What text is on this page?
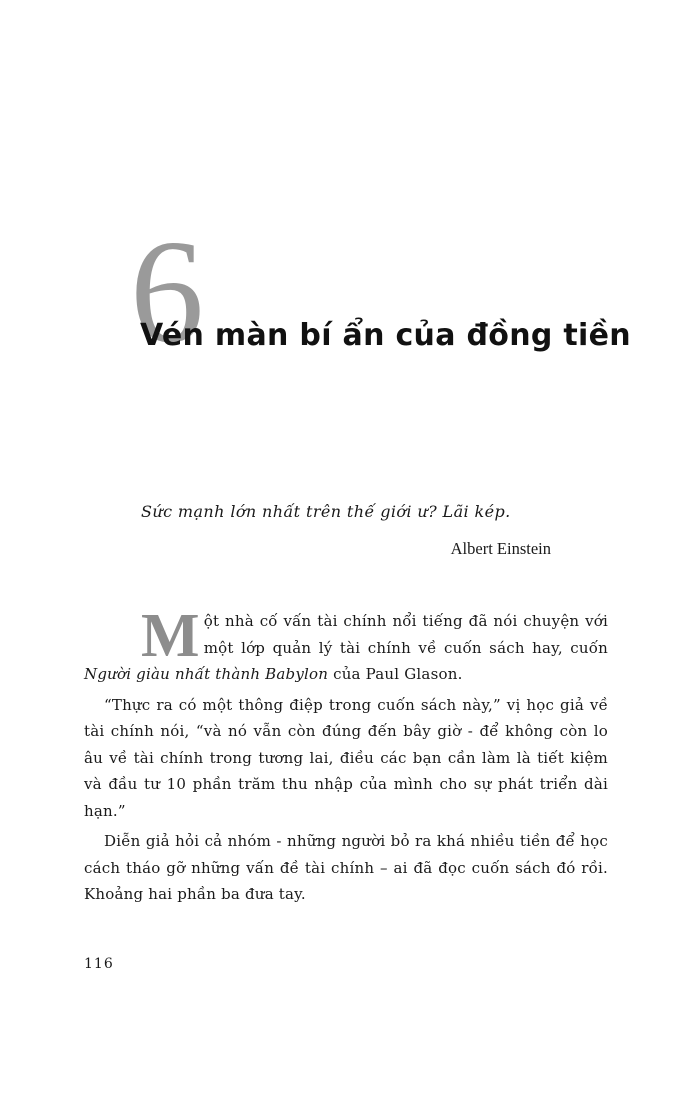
6
Vén màn bí ẩn của đồng tiền
Sức mạnh lớn nhất trên thế giới ư? Lãi kép.
Albert Einstein

Một nhà cố vấn tài chính nổi tiếng đã nói chuyện với một lớp quản lý tài chính về cuốn sách hay, cuốn Người giàu nhất thành Babylon của Paul Glason.

“Thực ra có một thông điệp trong cuốn sách này,” vị học giả về tài chính nói, “và nó vẫn còn đúng đến bây giờ - để không còn lo âu về tài chính trong tương lai, điều các bạn cần làm là tiết kiệm và đầu tư 10 phần trăm thu nhập của mình cho sự phát triển dài hạn.”

Diễn giả hỏi cả nhóm - những người bỏ ra khá nhiều tiền để học cách tháo gỡ những vấn đề tài chính – ai đã đọc cuốn sách đó rồi. Khoảng hai phần ba đưa tay.

116
